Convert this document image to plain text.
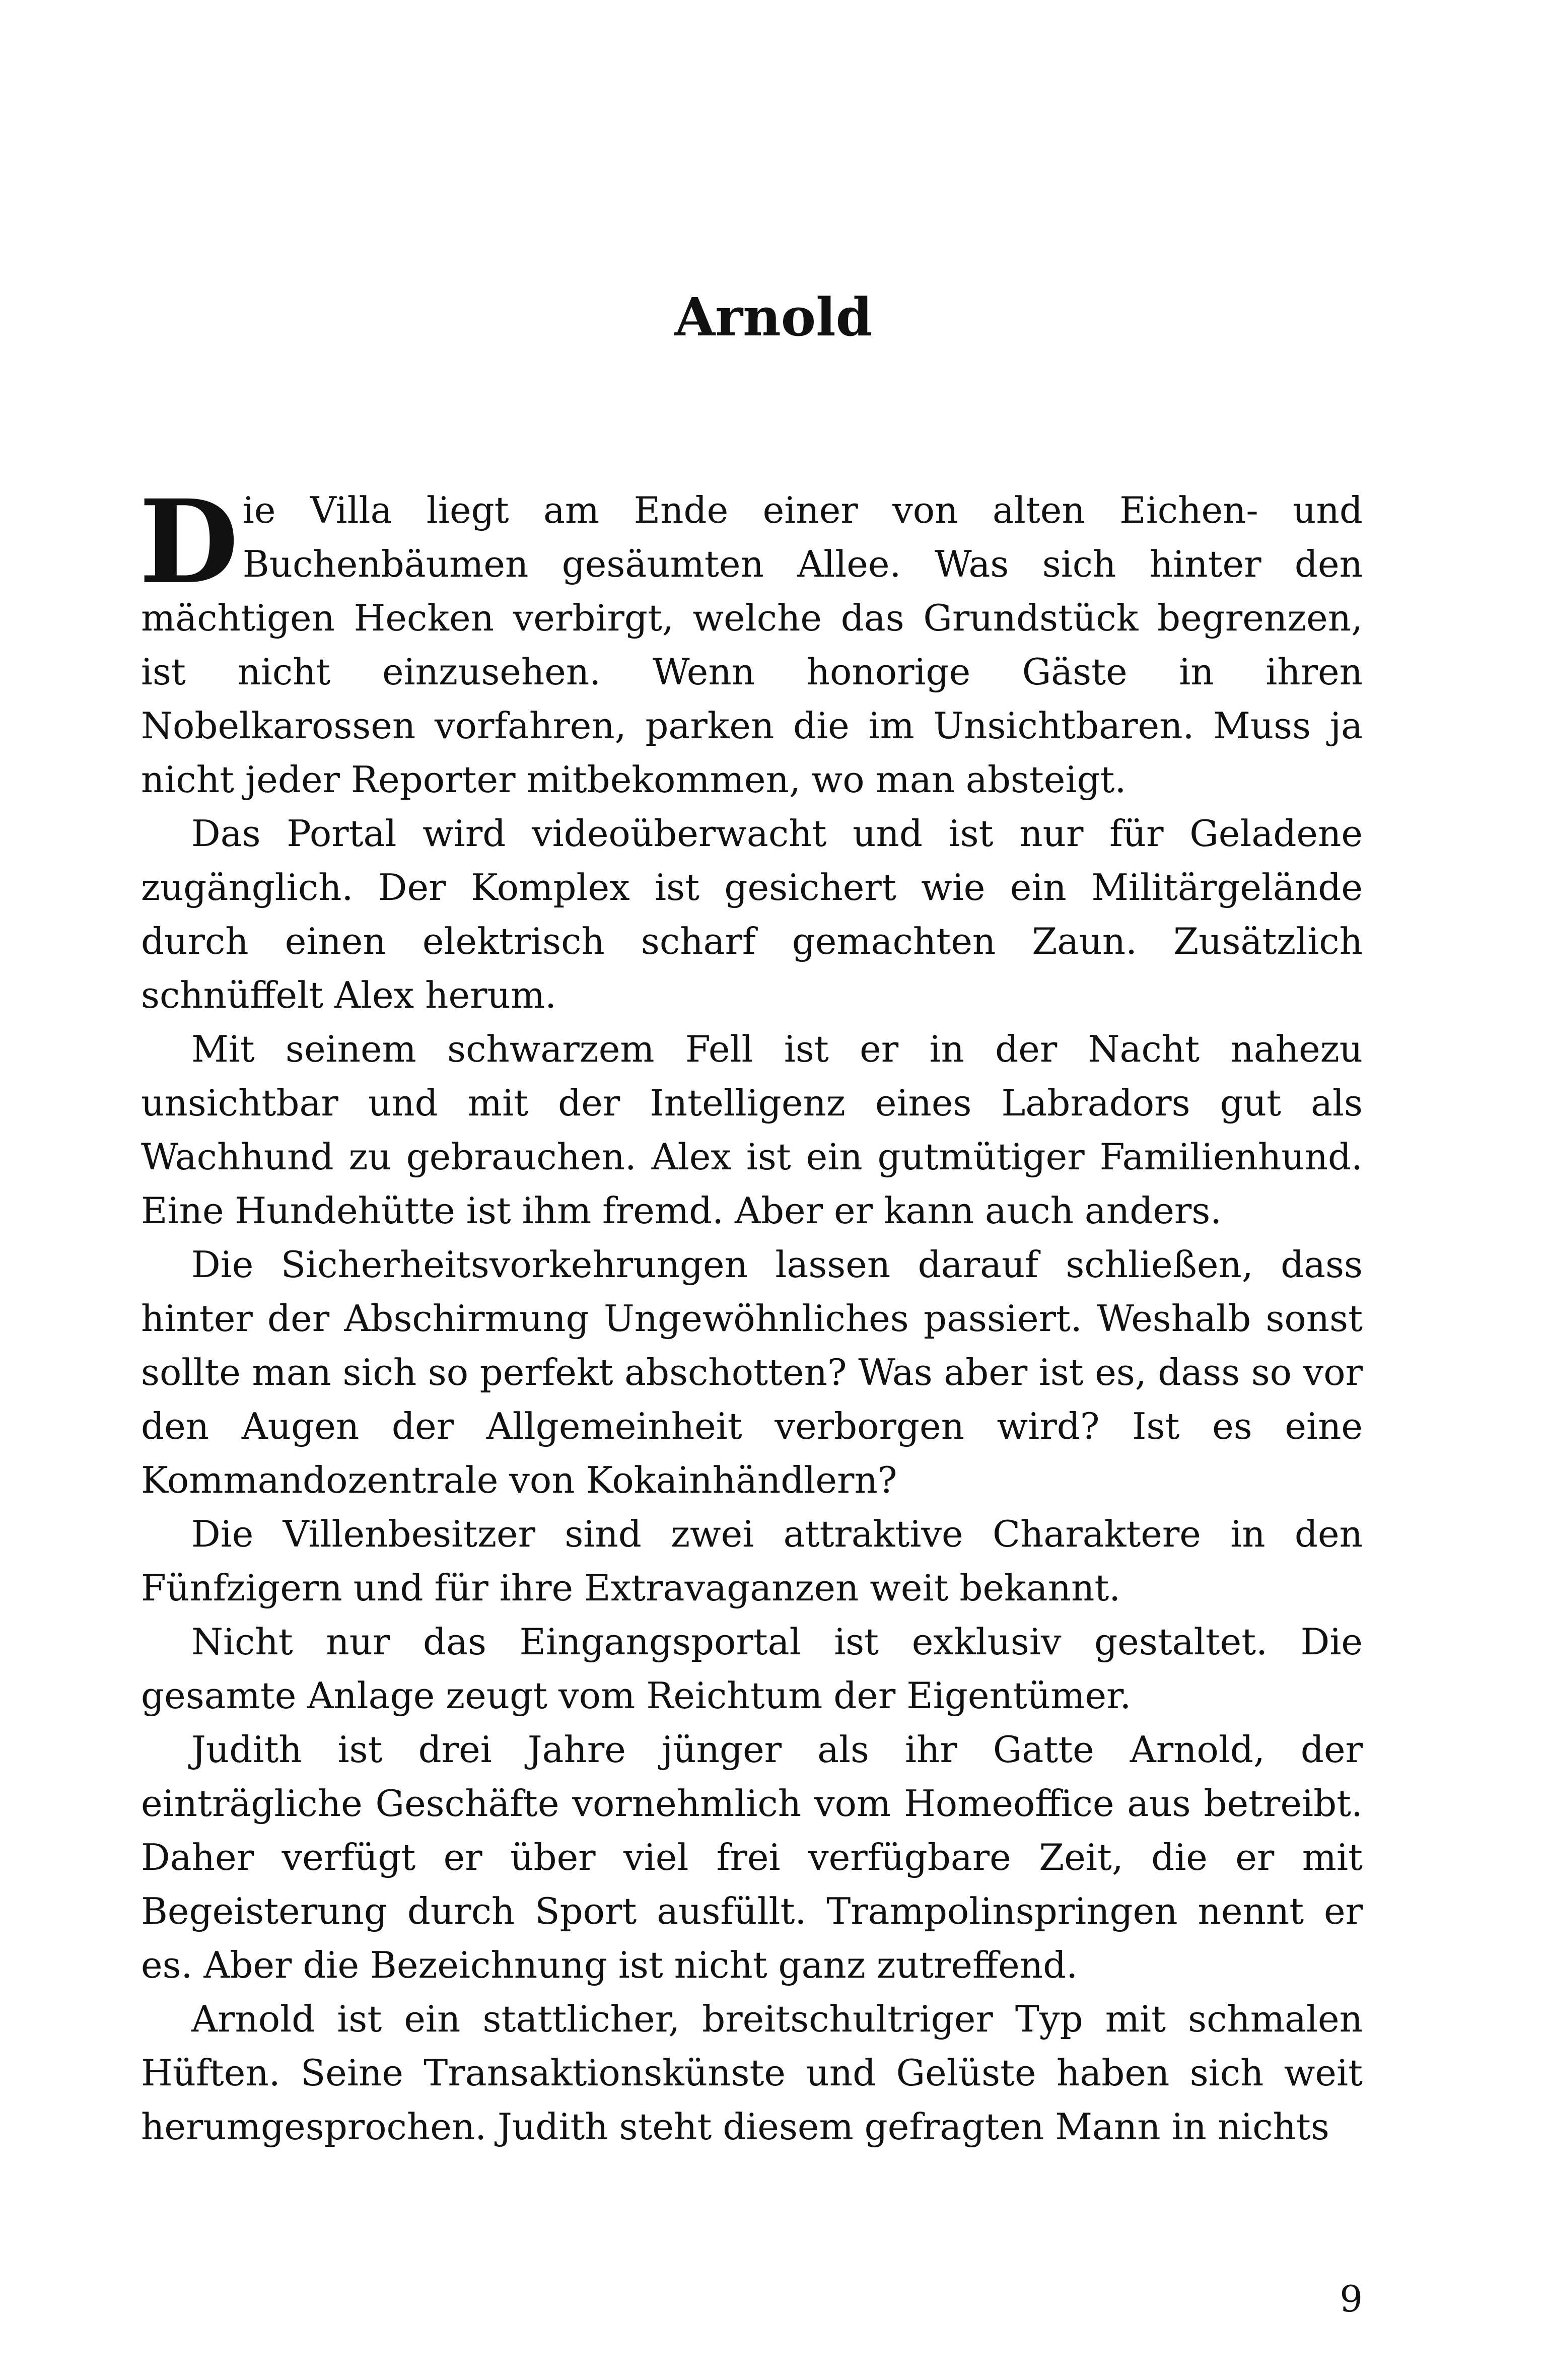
Arnold

Die Villa liegt am Ende einer von alten Eichen- und Buchenbäumen gesäumten Allee. Was sich hinter den mächtigen Hecken verbirgt, welche das Grundstück begrenzen, ist nicht einzusehen. Wenn honorige Gäste in ihren Nobelkarossen vorfahren, parken die im Unsichtbaren. Muss ja nicht jeder Reporter mitbekommen, wo man absteigt.

Das Portal wird videoüberwacht und ist nur für Geladene zugänglich. Der Komplex ist gesichert wie ein Militärgelände durch einen elektrisch scharf gemachten Zaun. Zusätzlich schnüffelt Alex herum.

Mit seinem schwarzem Fell ist er in der Nacht nahezu unsichtbar und mit der Intelligenz eines Labradors gut als Wachhund zu gebrauchen. Alex ist ein gutmütiger Familienhund. Eine Hundehütte ist ihm fremd. Aber er kann auch anders.

Die Sicherheitsvorkehrungen lassen darauf schließen, dass hinter der Abschirmung Ungewöhnliches passiert. Weshalb sonst sollte man sich so perfekt abschotten? Was aber ist es, dass so vor den Augen der Allgemeinheit verborgen wird? Ist es eine Kommandozentrale von Kokainhändlern?

Die Villenbesitzer sind zwei attraktive Charaktere in den Fünfzigern und für ihre Extravaganzen weit bekannt.

Nicht nur das Eingangsportal ist exklusiv gestaltet. Die gesamte Anlage zeugt vom Reichtum der Eigentümer.

Judith ist drei Jahre jünger als ihr Gatte Arnold, der einträgliche Geschäfte vornehmlich vom Homeoffice aus betreibt. Daher verfügt er über viel frei verfügbare Zeit, die er mit Begeisterung durch Sport ausfüllt. Trampolinspringen nennt er es. Aber die Bezeichnung ist nicht ganz zutreffend.

Arnold ist ein stattlicher, breitschultriger Typ mit schmalen Hüften. Seine Transaktionskünste und Gelüste haben sich weit herumgesprochen. Judith steht diesem gefragten Mann in nichts

9
